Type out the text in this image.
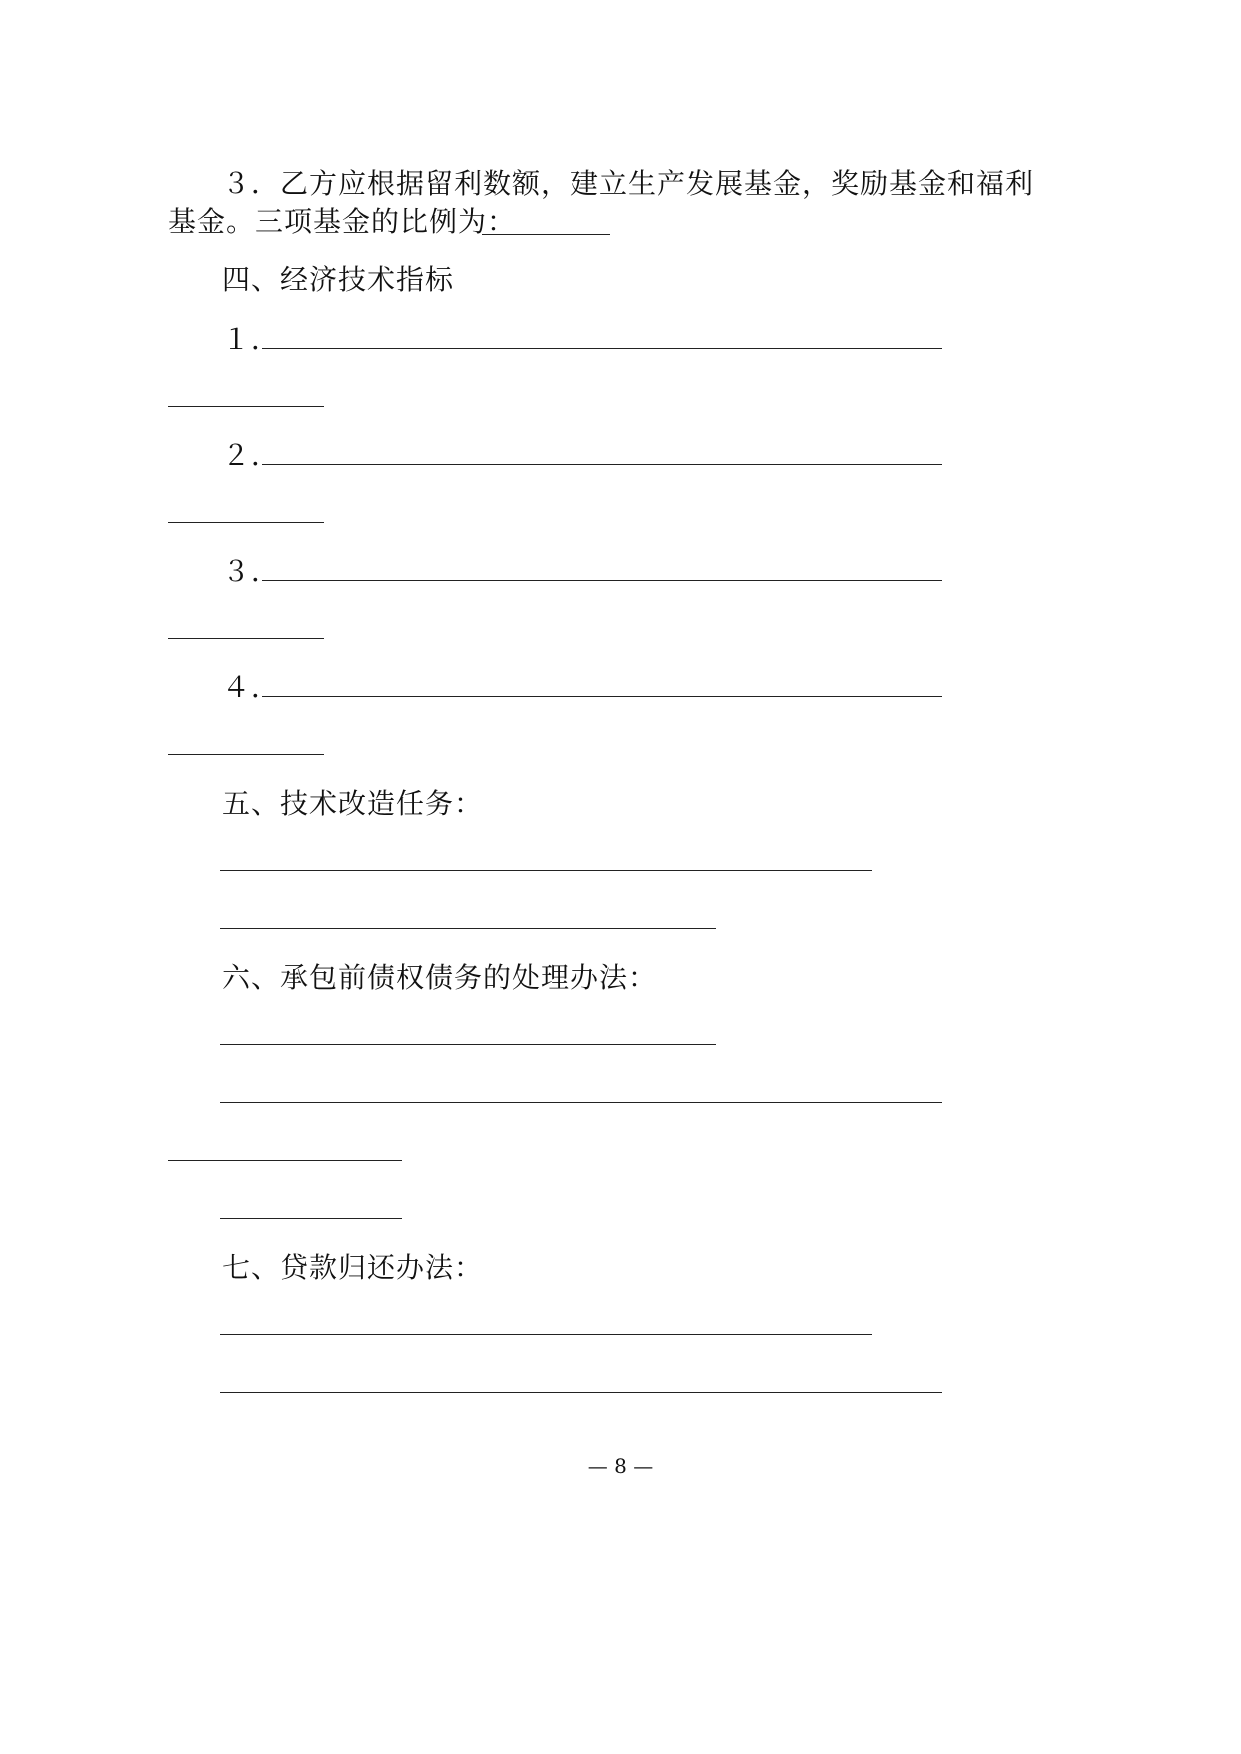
３．乙方应根据留利数额，建立生产发展基金，奖励基金和福利
基金。三项基金的比例为：
四、经济技术指标
１．
２．
３．
４．
五、技术改造任务：
六、承包前债权债务的处理办法：
七、贷款归还办法：
— 8 —
